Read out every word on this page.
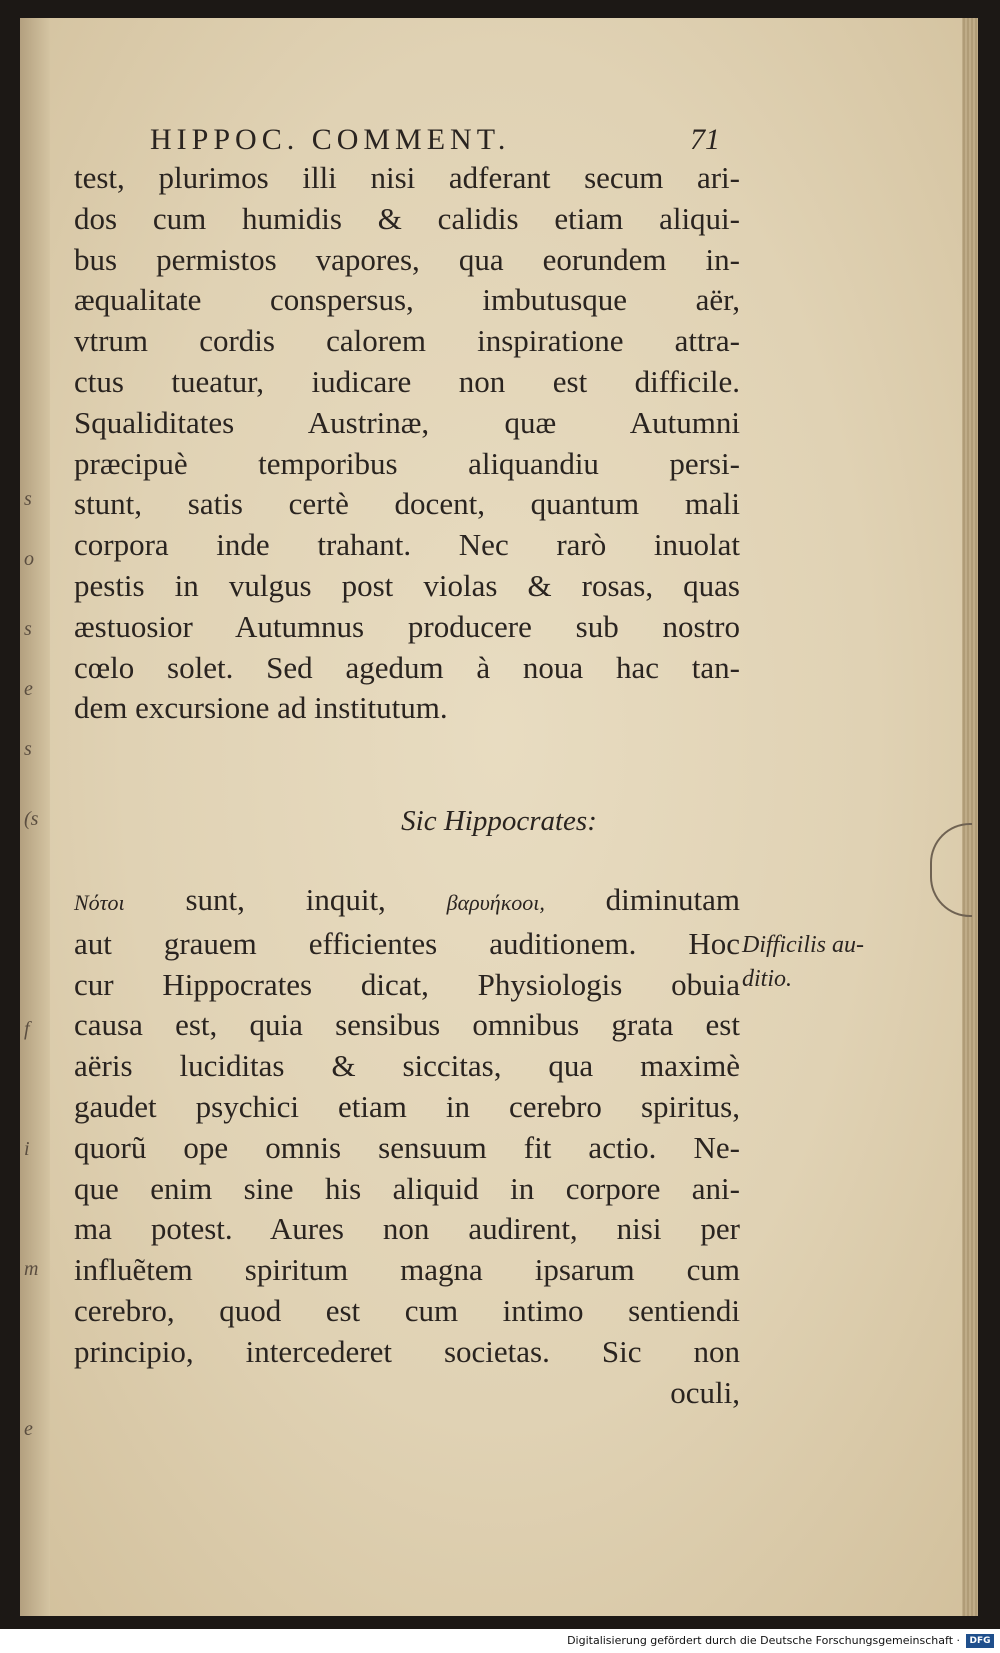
s
o
s
e
s
(s
f
i
m
e
HIPPOC. COMMENT.	71

test, plurimos illi nisi adferant secum ari-

dos cum humidis & calidis etiam aliqui-

bus permistos vapores, qua eorundem in-

æqualitate conspersus, imbutusque aër,

vtrum cordis calorem inspiratione attra-

ctus tueatur, iudicare non est difficile.

Squaliditates Austrinæ, quæ Autumni

præcipuè temporibus aliquandiu persi-

stunt, satis certè docent, quantum mali

corpora inde trahant. Nec rarò inuolat

pestis in vulgus post violas & rosas, quas

æstuosior Autumnus producere sub nostro

cœlo solet. Sed agedum à noua hac tan-

dem excursione ad institutum.

Sic Hippocrates:

Νότοι sunt, inquit, βαρυήκοοι, diminutam

aut grauem efficientes auditionem. Hoc

cur Hippocrates dicat, Physiologis obuia

causa est, quia sensibus omnibus grata est

aëris luciditas & siccitas, qua maximè

gaudet psychici etiam in cerebro spiritus,

quorũ ope omnis sensuum fit actio. Ne-

que enim sine his aliquid in corpore ani-

ma potest. Aures non audirent, nisi per

influẽtem spiritum magna ipsarum cum

cerebro, quod est cum intimo sentiendi

principio, intercederet societas. Sic non

oculi,

Difficilis au-
ditio.
Digitalisierung gefördert durch die Deutsche Forschungsgemeinschaft ·	DFG
